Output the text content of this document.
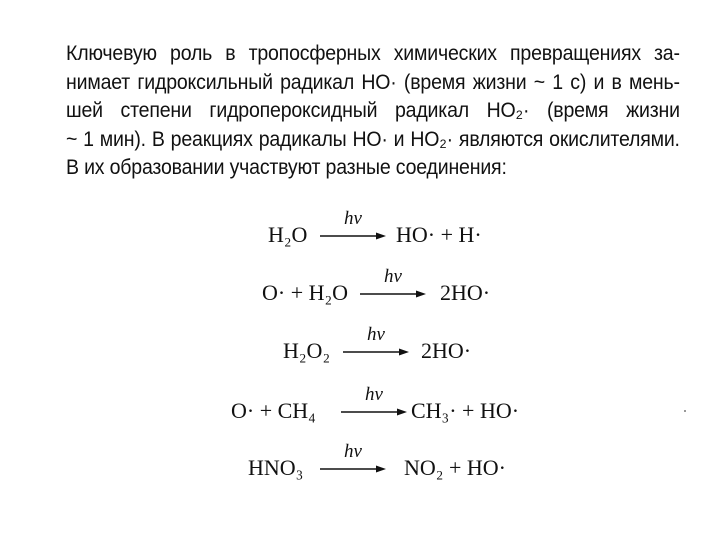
Ключевую роль в тропосферных химических превращениях за-
нимает гидроксильный радикал HO· (время жизни ~ 1 с) и в мень-
шей степени гидропероксидный радикал HO₂· (время жизни
~ 1 мин). В реакциях радикалы HO· и HO₂· являются окислителями.
В их образовании участвуют разные соединения:

H₂O
hν
HO· + H·
O· + H₂O
hν
2HO·
H₂O₂
hν
2HO·
O· + CH₄
hν
CH₃· + HO·
HNO₃
hν
NO₂ + HO·
